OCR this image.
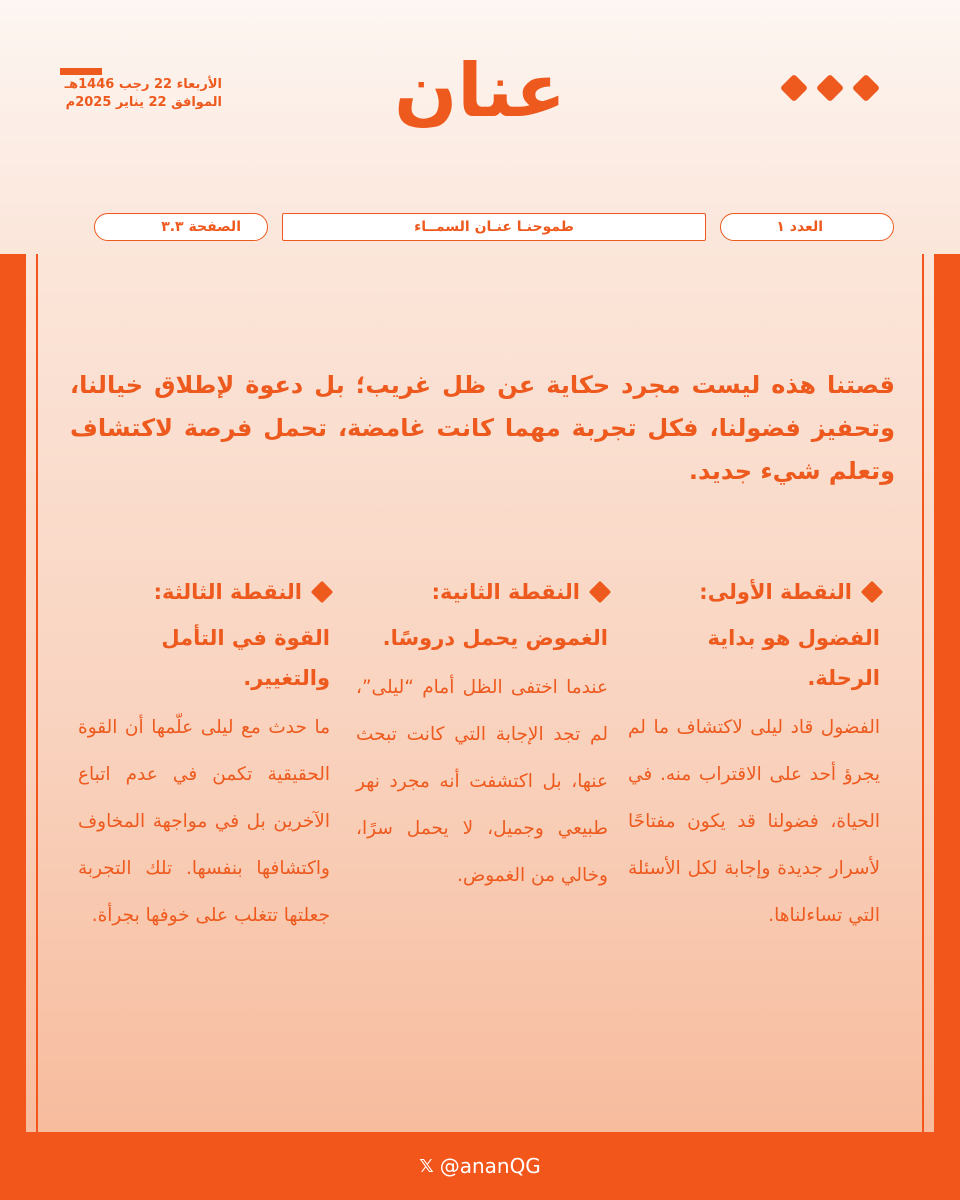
الأربعاء 22 رجب 1446هـ
الموافق 22 يناير 2025م	عنان
العدد ١
طموحنـا عنـان السمــاء
الصفحة ٣.٣

قصتنا هذه ليست مجرد حكاية عن ظل غريب؛ بل دعوة لإطلاق خيالنا، وتحفيز فضولنا، فكل تجربة مهما كانت غامضة، تحمل فرصة لاكتشاف وتعلم شيء جديد.

النقطة الأولى:
الفضول هو بداية الرحلة.

الفضول قاد ليلى لاكتشاف ما لم يجرؤ أحد على الاقتراب منه. في الحياة، فضولنا قد يكون مفتاحًا لأسرار جديدة وإجابة لكل الأسئلة التي تساءلناها.

النقطة الثانية:
الغموض يحمل دروسًا.

عندما اختفى الظل أمام “ليلى”، لم تجد الإجابة التي كانت تبحث عنها، بل اكتشفت أنه مجرد نهر طبيعي وجميل، لا يحمل سرًا، وخالي من الغموض.

النقطة الثالثة:
القوة في التأمل والتغيير.

ما حدث مع ليلى علّمها أن القوة الحقيقية تكمن في عدم اتباع الآخرين بل في مواجهة المخاوف واكتشافها بنفسها. تلك التجربة جعلتها تتغلب على خوفها بجرأة.

𝕏 @ananQG
